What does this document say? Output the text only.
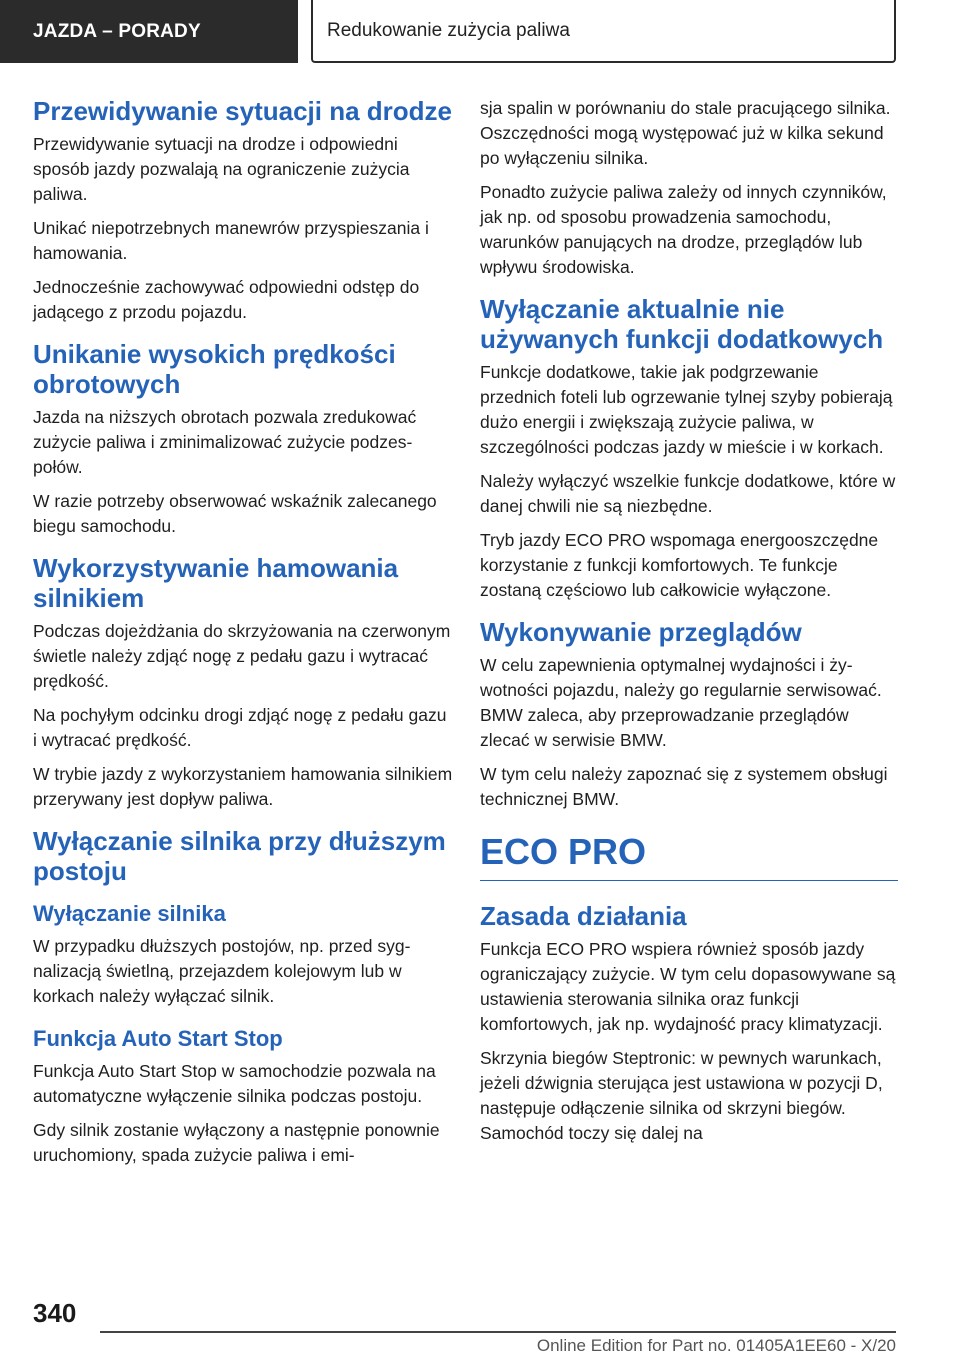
JAZDA – PORADY	Redukowanie zużycia paliwa
Przewidywanie sytuacji na drodze

Przewidywanie sytuacji na drodze i odpowiedni sposób jazdy pozwalają na ograniczenie zużycia paliwa.

Unikać niepotrzebnych manewrów przyspieszania i hamowania.

Jednocześnie zachowywać odpowiedni odstęp do jadącego z przodu pojazdu.

Unikanie wysokich prędkości obrotowych

Jazda na niższych obrotach pozwala zredukować zużycie paliwa i zminimalizować zużycie podzespołów.

W razie potrzeby obserwować wskaźnik zalecanego biegu samochodu.

Wykorzystywanie hamowania silnikiem

Podczas dojeżdżania do skrzyżowania na czerwonym świetle należy zdjąć nogę z pedału gazu i wytracać prędkość.

Na pochyłym odcinku drogi zdjąć nogę z pedału gazu i wytracać prędkość.

W trybie jazdy z wykorzystaniem hamowania silnikiem przerywany jest dopływ paliwa.

Wyłączanie silnika przy dłuższym postoju
Wyłączanie silnika

W przypadku dłuższych postojów, np. przed sygnalizacją świetlną, przejazdem kolejowym lub w korkach należy wyłączać silnik.

Funkcja Auto Start Stop

Funkcja Auto Start Stop w samochodzie pozwala na automatyczne wyłączenie silnika podczas postoju.

Gdy silnik zostanie wyłączony a następnie ponownie uruchomiony, spada zużycie paliwa i emi-

sja spalin w porównaniu do stale pracującego silnika. Oszczędności mogą występować już w kilka sekund po wyłączeniu silnika.

Ponadto zużycie paliwa zależy od innych czynników, jak np. od sposobu prowadzenia samochodu, warunków panujących na drodze, przeglądów lub wpływu środowiska.

Wyłączanie aktualnie nie używanych funkcji dodatkowych

Funkcje dodatkowe, takie jak podgrzewanie przednich foteli lub ogrzewanie tylnej szyby pobierają dużo energii i zwiększają zużycie paliwa, w szczególności podczas jazdy w mieście i w korkach.

Należy wyłączyć wszelkie funkcje dodatkowe, które w danej chwili nie są niezbędne.

Tryb jazdy ECO PRO wspomaga energooszczędne korzystanie z funkcji komfortowych. Te funkcje zostaną częściowo lub całkowicie wyłączone.

Wykonywanie przeglądów

W celu zapewnienia optymalnej wydajności i żywotności pojazdu, należy go regularnie serwisować. BMW zaleca, aby przeprowadzanie przeglądów zlecać w serwisie BMW.

W tym celu należy zapoznać się z systemem obsługi technicznej BMW.

ECO PRO
Zasada działania

Funkcja ECO PRO wspiera również sposób jazdy ograniczający zużycie. W tym celu dopasowywane są ustawienia sterowania silnika oraz funkcji komfortowych, jak np. wydajność pracy klimatyzacji.

Skrzynia biegów Steptronic: w pewnych warunkach, jeżeli dźwignia sterująca jest ustawiona w pozycji D, następuje odłączenie silnika od skrzyni biegów. Samochód toczy się dalej na

340
Online Edition for Part no. 01405A1EE60 - X/20
